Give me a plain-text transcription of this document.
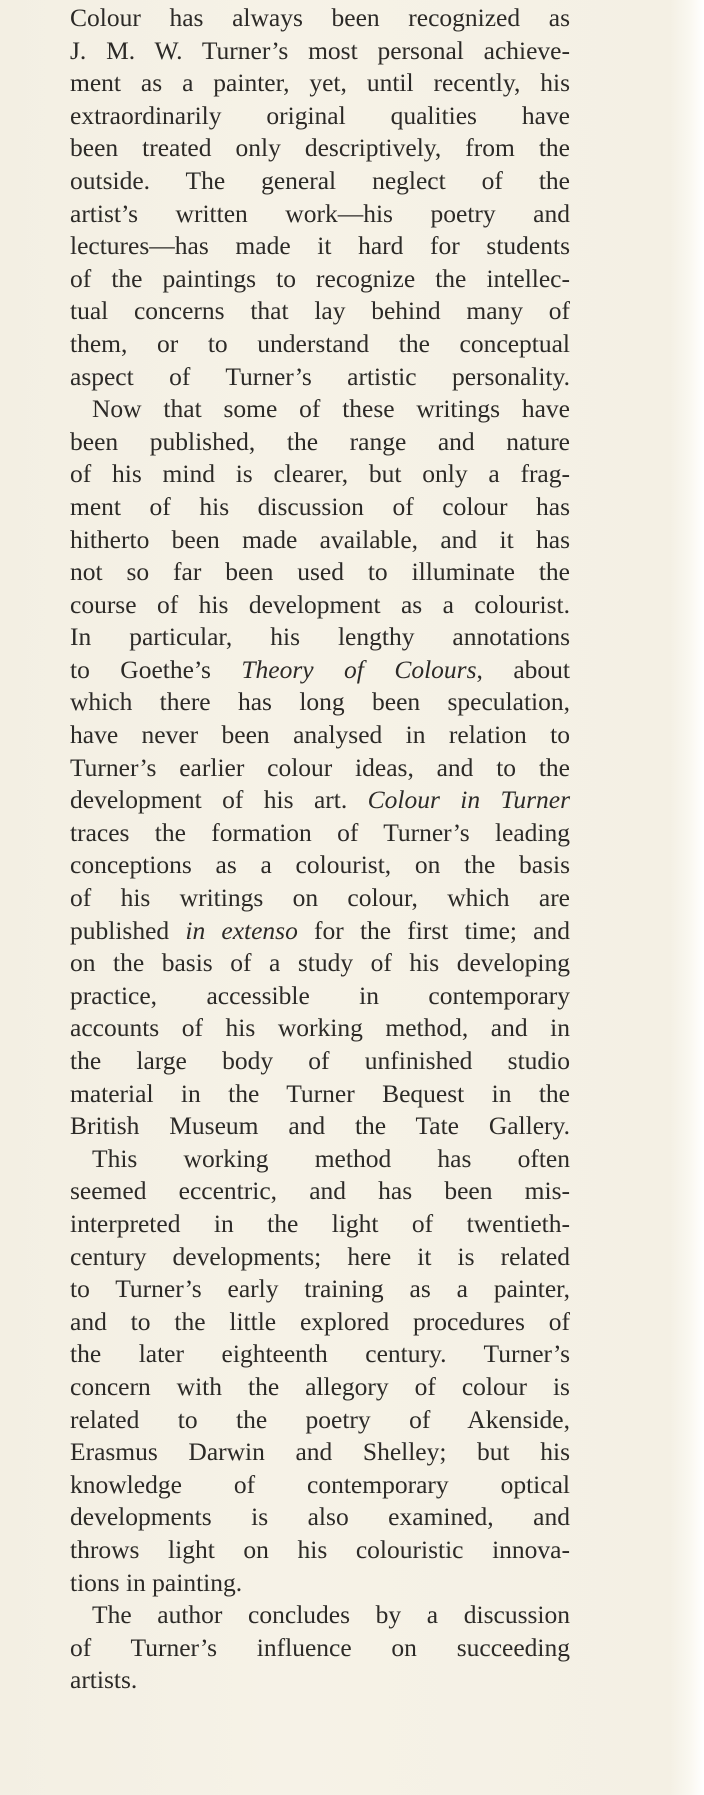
Colour has always been recognized as
J. M. W. Turner’s most personal achieve-
ment as a painter, yet, until recently, his
extraordinarily original qualities have
been treated only descriptively, from the
outside. The general neglect of the
artist’s written work—his poetry and
lectures—has made it hard for students
of the paintings to recognize the intellec-
tual concerns that lay behind many of
them, or to understand the conceptual
aspect of Turner’s artistic personality.
Now that some of these writings have
been published, the range and nature
of his mind is clearer, but only a frag-
ment of his discussion of colour has
hitherto been made available, and it has
not so far been used to illuminate the
course of his development as a colourist.
In particular, his lengthy annotations
to Goethe’s Theory of Colours, about
which there has long been speculation,
have never been analysed in relation to
Turner’s earlier colour ideas, and to the
development of his art. Colour in Turner
traces the formation of Turner’s leading
conceptions as a colourist, on the basis
of his writings on colour, which are
published in extenso for the first time; and
on the basis of a study of his developing
practice, accessible in contemporary
accounts of his working method, and in
the large body of unfinished studio
material in the Turner Bequest in the
British Museum and the Tate Gallery.
This working method has often
seemed eccentric, and has been mis-
interpreted in the light of twentieth-
century developments; here it is related
to Turner’s early training as a painter,
and to the little explored procedures of
the later eighteenth century. Turner’s
concern with the allegory of colour is
related to the poetry of Akenside,
Erasmus Darwin and Shelley; but his
knowledge of contemporary optical
developments is also examined, and
throws light on his colouristic innova-
tions in painting.
The author concludes by a discussion
of Turner’s influence on succeeding
artists.
